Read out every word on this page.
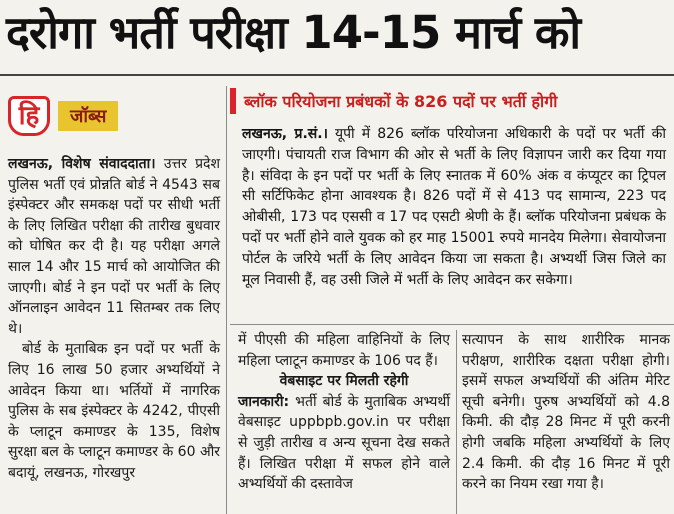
दरोगा भर्ती परीक्षा 14-15 मार्च को
हि	जॉब्स

लखनऊ, विशेष संवाददाता। उत्तर प्रदेश पुलिस भर्ती एवं प्रोन्नति बोर्ड ने 4543 सब इंस्पेक्टर और समकक्ष पदों पर सीधी भर्ती के लिए लिखित परीक्षा की तारीख बुधवार को घोषित कर दी है। यह परीक्षा अगले साल 14 और 15 मार्च को आयोजित की जाएगी। बोर्ड ने इन पदों पर भर्ती के लिए ऑनलाइन आवेदन 11 सितम्बर तक लिए थे।

बोर्ड के मुताबिक इन पदों पर भर्ती के लिए 16 लाख 50 हजार अभ्यर्थियों ने आवेदन किया था। भर्तियों में नागरिक पुलिस के सब इंस्पेक्टर के 4242, पीएसी के प्लाटून कमाण्डर के 135, विशेष सुरक्षा बल के प्लाटून कमाण्डर के 60 और बदायूं, लखनऊ, गोरखपुर

ब्लॉक परियोजना प्रबंधकों के 826 पदों पर भर्ती होगी
लखनऊ, प्र.सं.। यूपी में 826 ब्लॉक परियोजना अधिकारी के पदों पर भर्ती की जाएगी। पंचायती राज विभाग की ओर से भर्ती के लिए विज्ञापन जारी कर दिया गया है। संविदा के इन पदों पर भर्ती के लिए स्नातक में 60% अंक व कंप्यूटर का ट्रिपल सी सर्टिफिकेट होना आवश्यक है। 826 पदों में से 413 पद सामान्य, 223 पद ओबीसी, 173 पद एससी व 17 पद एसटी श्रेणी के हैं। ब्लॉक परियोजना प्रबंधक के पदों पर भर्ती होने वाले युवक को हर माह 15001 रुपये मानदेय मिलेगा। सेवायोजना पोर्टल के जरिये भर्ती के लिए आवेदन किया जा सकता है। अभ्यर्थी जिस जिले का मूल निवासी हैं, वह उसी जिले में भर्ती के लिए आवेदन कर सकेगा।

में पीएसी की महिला वाहिनियों के लिए महिला प्लाटून कमाण्डर के 106 पद हैं।

वेबसाइट पर मिलती रहेगी

जानकारी: भर्ती बोर्ड के मुताबिक अभ्यर्थी वेबसाइट uppbpb.gov.in पर परीक्षा से जुड़ी तारीख व अन्य सूचना देख सकते हैं। लिखित परीक्षा में सफल होने वाले अभ्यर्थियों की दस्तावेज

सत्यापन के साथ शारीरिक मानक परीक्षण, शारीरिक दक्षता परीक्षा होगी। इसमें सफल अभ्यर्थियों की अंतिम मेरिट सूची बनेगी। पुरुष अभ्यर्थियों को 4.8 किमी. की दौड़ 28 मिनट में पूरी करनी होगी जबकि महिला अभ्यर्थियों के लिए 2.4 किमी. की दौड़ 16 मिनट में पूरी करने का नियम रखा गया है।
